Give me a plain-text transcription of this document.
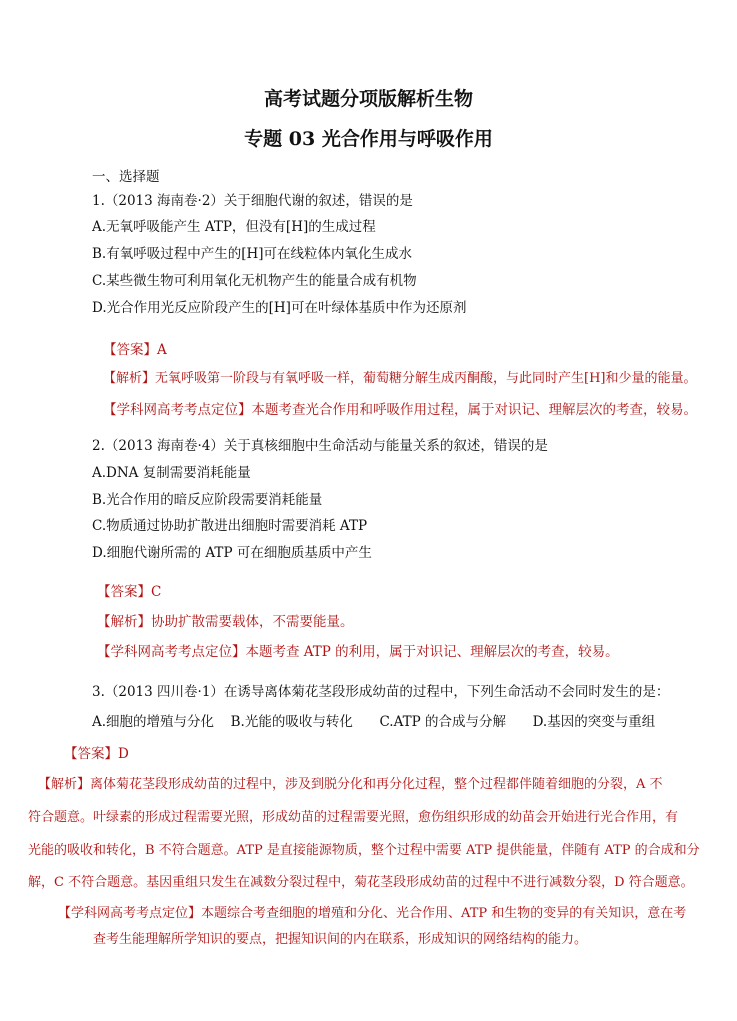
高考试题分项版解析生物
专题 03 光合作用与呼吸作用
一、选择题
1.（2013 海南卷·2）关于细胞代谢的叙述，错误的是
A.无氧呼吸能产生 ATP，但没有[H]的生成过程
B.有氧呼吸过程中产生的[H]可在线粒体内氧化生成水
C.某些微生物可利用氧化无机物产生的能量合成有机物
D.光合作用光反应阶段产生的[H]可在叶绿体基质中作为还原剂
【答案】A
【解析】无氧呼吸第一阶段与有氧呼吸一样，葡萄糖分解生成丙酮酸，与此同时产生[H]和少量的能量。
【学科网高考考点定位】本题考查光合作用和呼吸作用过程，属于对识记、理解层次的考查，较易。
2.（2013 海南卷·4）关于真核细胞中生命活动与能量关系的叙述，错误的是
A.DNA 复制需要消耗能量
B.光合作用的暗反应阶段需要消耗能量
C.物质通过协助扩散进出细胞时需要消耗 ATP
D.细胞代谢所需的 ATP 可在细胞质基质中产生
【答案】C
【解析】协助扩散需要载体，不需要能量。
【学科网高考考点定位】本题考查 ATP 的利用，属于对识记、理解层次的考查，较易。
3.（2013 四川卷·1）在诱导离体菊花茎段形成幼苗的过程中，下列生命活动不会同时发生的是：
A.细胞的增殖与分化 B.光能的吸收与转化 C.ATP 的合成与分解 D.基因的突变与重组
【答案】D
【解析】离体菊花茎段形成幼苗的过程中，涉及到脱分化和再分化过程，整个过程都伴随着细胞的分裂，A 不
符合题意。叶绿素的形成过程需要光照，形成幼苗的过程需要光照，愈伤组织形成的幼苗会开始进行光合作用，有
光能的吸收和转化，B 不符合题意。ATP 是直接能源物质，整个过程中需要 ATP 提供能量，伴随有 ATP 的合成和分
解，C 不符合题意。基因重组只发生在减数分裂过程中，菊花茎段形成幼苗的过程中不进行减数分裂，D 符合题意。
【学科网高考考点定位】本题综合考查细胞的增殖和分化、光合作用、ATP 和生物的变异的有关知识，意在考
查考生能理解所学知识的要点，把握知识间的内在联系，形成知识的网络结构的能力。
